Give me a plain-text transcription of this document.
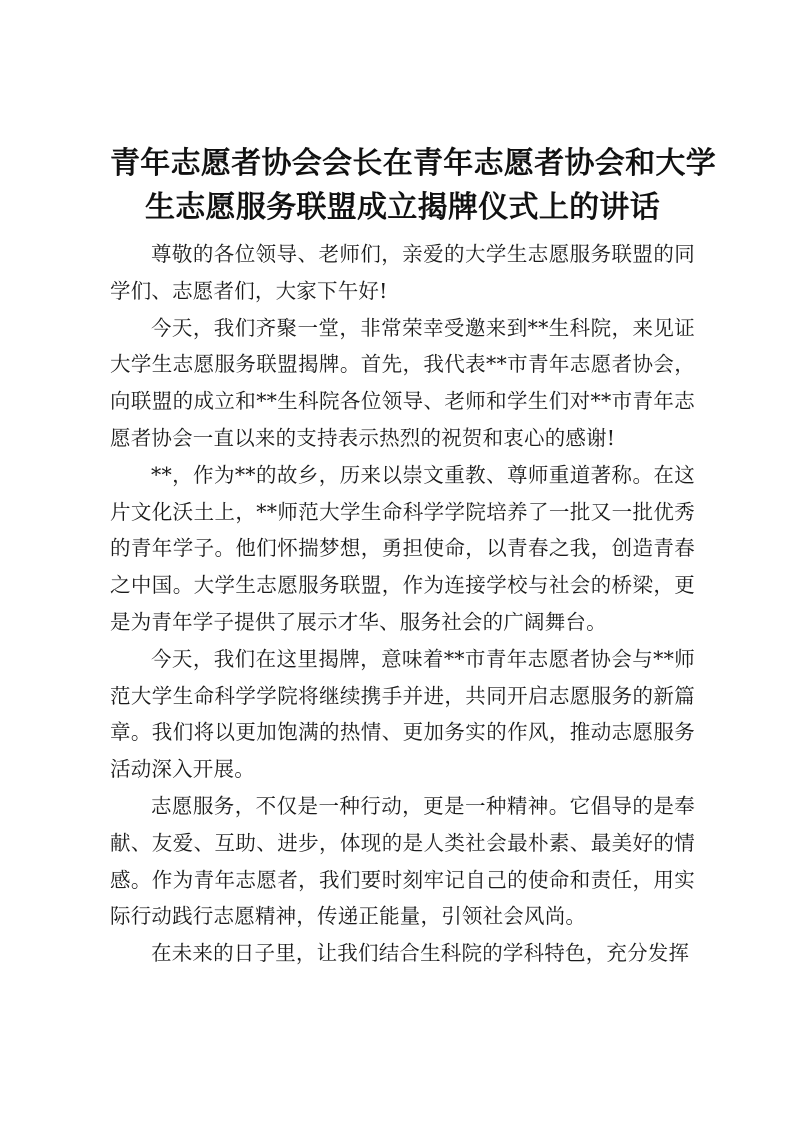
青年志愿者协会会长在青年志愿者协会和大学
生志愿服务联盟成立揭牌仪式上的讲话

尊敬的各位领导、老师们，亲爱的大学生志愿服务联盟的同学们、志愿者们，大家下午好!

今天，我们齐聚一堂，非常荣幸受邀来到**生科院，来见证大学生志愿服务联盟揭牌。首先，我代表**市青年志愿者协会，向联盟的成立和**生科院各位领导、老师和学生们对**市青年志愿者协会一直以来的支持表示热烈的祝贺和衷心的感谢!

**，作为**的故乡，历来以崇文重教、尊师重道著称。在这片文化沃土上，**师范大学生命科学学院培养了一批又一批优秀的青年学子。他们怀揣梦想，勇担使命，以青春之我，创造青春之中国。大学生志愿服务联盟，作为连接学校与社会的桥梁，更是为青年学子提供了展示才华、服务社会的广阔舞台。

今天，我们在这里揭牌，意味着**市青年志愿者协会与**师范大学生命科学学院将继续携手并进，共同开启志愿服务的新篇章。我们将以更加饱满的热情、更加务实的作风，推动志愿服务活动深入开展。

志愿服务，不仅是一种行动，更是一种精神。它倡导的是奉献、友爱、互助、进步，体现的是人类社会最朴素、最美好的情感。作为青年志愿者，我们要时刻牢记自己的使命和责任，用实际行动践行志愿精神，传递正能量，引领社会风尚。

在未来的日子里，让我们结合生科院的学科特色，充分发挥
